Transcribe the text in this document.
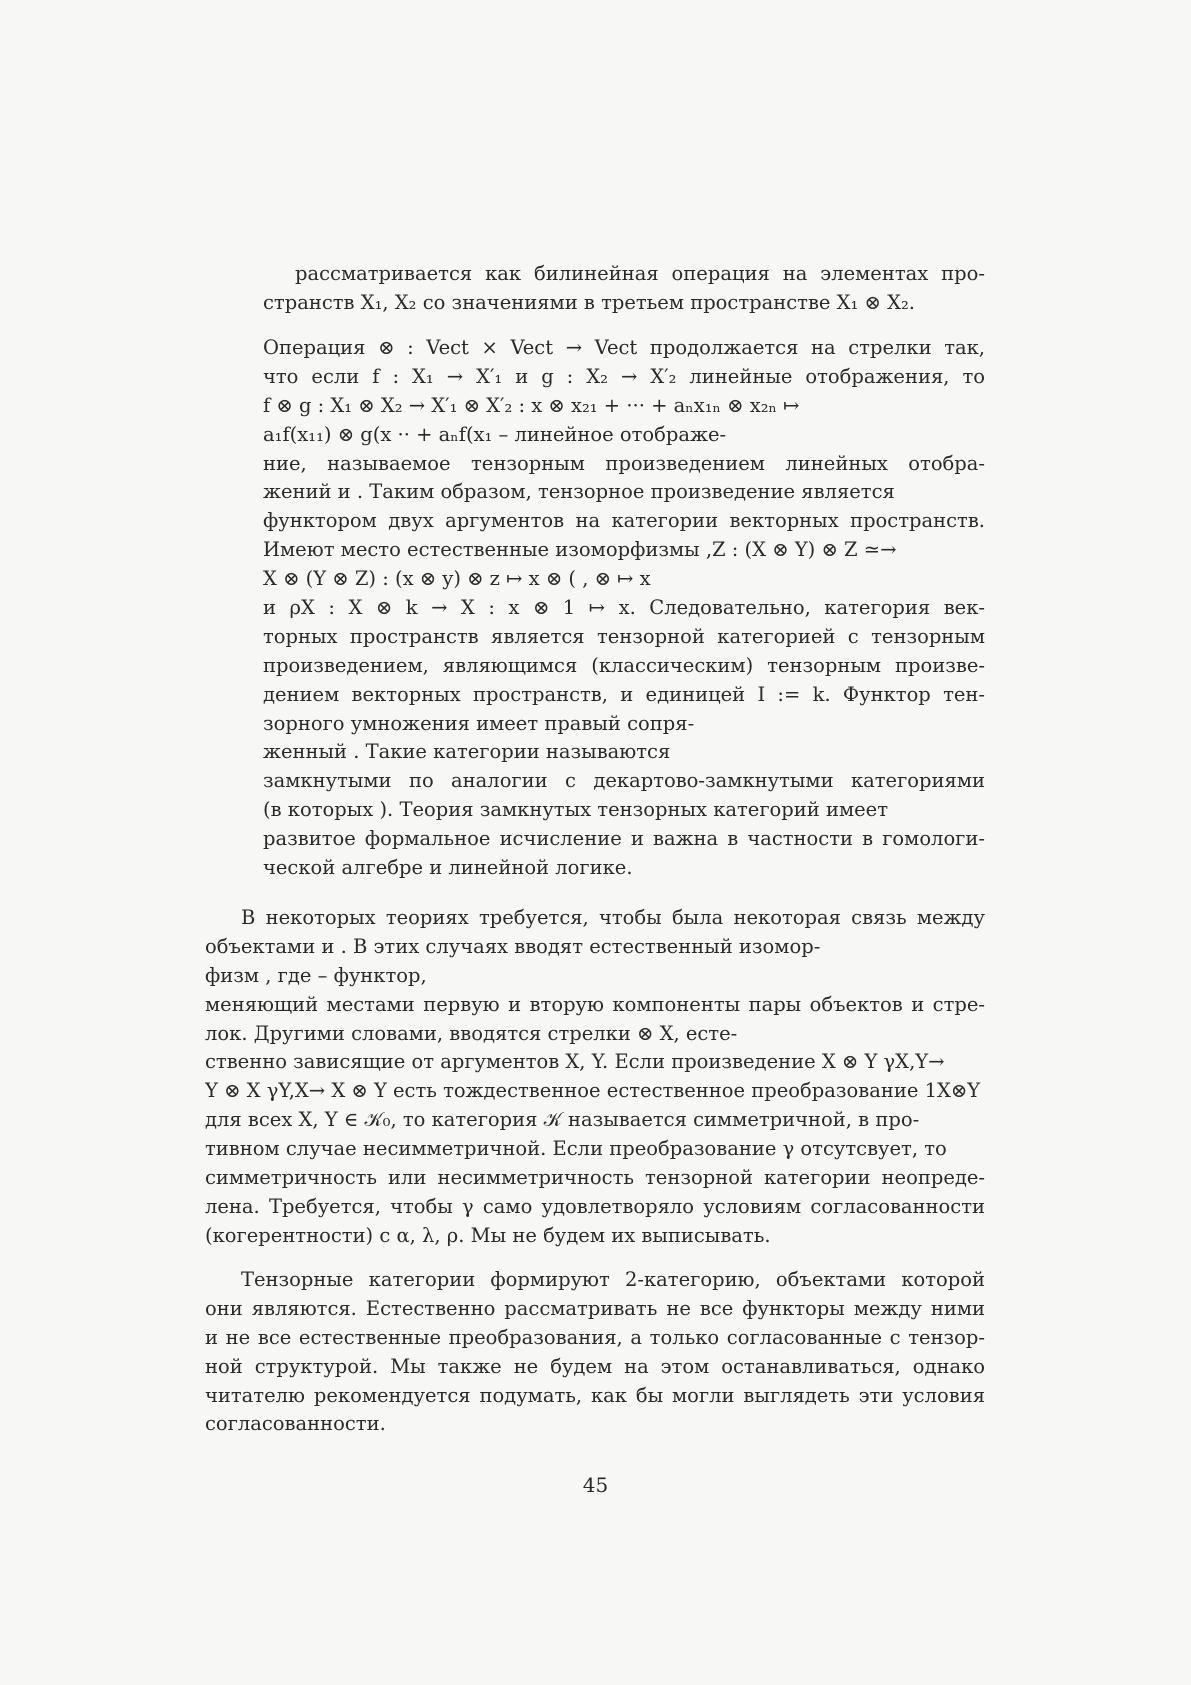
рассматривается как билинейная операция на элементах про-
странств X₁, X₂ со значениями в третьем пространстве X₁ ⊗ X₂.
Операция ⊗ : Vect × Vect → Vect продолжается на стрелки так,
что если f : X₁ → X′₁ и g : X₂ → X′₂ линейные отображения, то
f ⊗ g : X₁ ⊗ X₂ → X′₁ ⊗ X′₂ : x ⊗ x₂₁ + ··· + aₙx₁ₙ ⊗ x₂ₙ ↦
a₁f(x₁₁) ⊗ g(x ·· + aₙf(x₁ – линейное отображе-
ние, называемое тензорным произведением линейных отобра-
жений и . Таким образом, тензорное произведение является
функтором двух аргументов на категории векторных пространств.
Имеют место естественные изоморфизмы ,Z : (X ⊗ Y) ⊗ Z ≃→
X ⊗ (Y ⊗ Z) : (x ⊗ y) ⊗ z ↦ x ⊗ ( , ⊗ ↦ x
и ρX : X ⊗ k → X : x ⊗ 1 ↦ x. Следовательно, категория век-
торных пространств является тензорной категорией с тензорным
произведением, являющимся (классическим) тензорным произве-
дением векторных пространств, и единицей I := k. Функтор тен-
зорного умножения имеет правый сопря-
женный . Такие категории называются
замкнутыми по аналогии с декартово-замкнутыми категориями
(в которых ). Теория замкнутых тензорных категорий имеет
развитое формальное исчисление и важна в частности в гомологи-
ческой алгебре и линейной логике.
В некоторых теориях требуется, чтобы была некоторая связь между
объектами и . В этих случаях вводят естественный изомор-
физм , где – функтор,
меняющий местами первую и вторую компоненты пары объектов и стре-
лок. Другими словами, вводятся стрелки ⊗ X, есте-
ственно зависящие от аргументов X, Y. Если произведение X ⊗ Y γX,Y→
Y ⊗ X γY,X→ X ⊗ Y есть тождественное естественное преобразование 1X⊗Y
для всех X, Y ∈ 𝒦₀, то категория 𝒦 называется симметричной, в про-
тивном случае несимметричной. Если преобразование γ отсутсвует, то
симметричность или несимметричность тензорной категории неопреде-
лена. Требуется, чтобы γ само удовлетворяло условиям согласованности
(когерентности) с α, λ, ρ. Мы не будем их выписывать.
Тензорные категории формируют 2-категорию, объектами которой
они являются. Естественно рассматривать не все функторы между ними
и не все естественные преобразования, а только согласованные с тензор-
ной структурой. Мы также не будем на этом останавливаться, однако
читателю рекомендуется подумать, как бы могли выглядеть эти условия
согласованности.
45
